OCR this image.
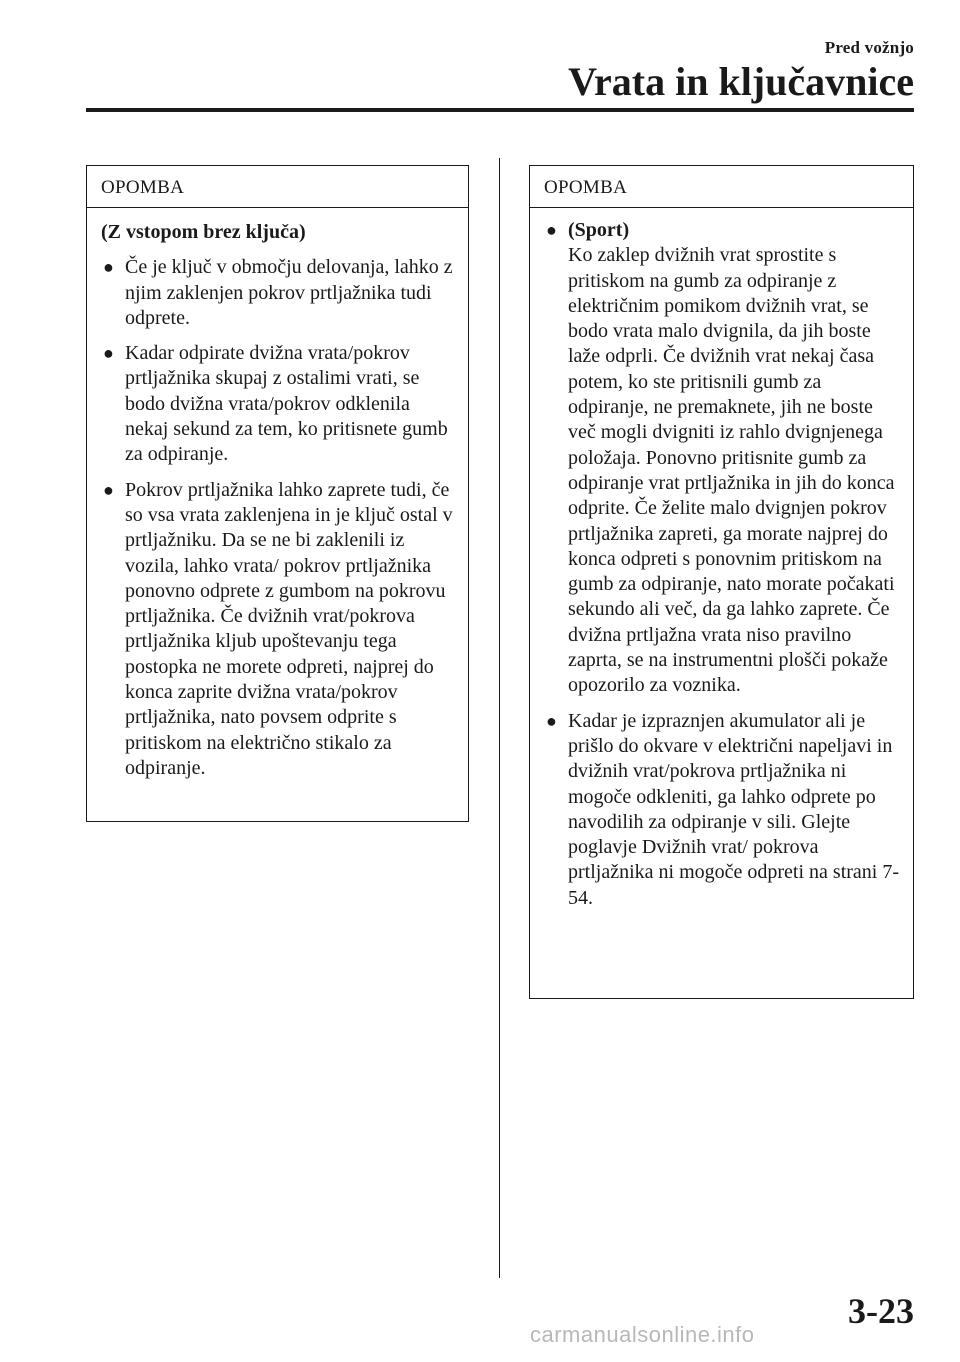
Pred vožnjo
Vrata in ključavnice
OPOMBA
(Z vstopom brez ključa)
● Če je ključ v območju delovanja, lahko z njim zaklenjen pokrov prtljažnika tudi odprete.
● Kadar odpirate dvižna vrata/pokrov prtljažnika skupaj z ostalimi vrati, se bodo dvižna vrata/pokrov odklenila nekaj sekund za tem, ko pritisnete gumb za odpiranje.
● Pokrov prtljažnika lahko zaprete tudi, če so vsa vrata zaklenjena in je ključ ostal v prtljažniku. Da se ne bi zaklenili iz vozila, lahko vrata/ pokrov prtljažnika ponovno odprete z gumbom na pokrovu prtljažnika. Če dvižnih vrat/pokrova prtljažnika kljub upoštevanju tega postopka ne morete odpreti, najprej do konca zaprite dvižna vrata/pokrov prtljažnika, nato povsem odprite s pritiskom na električno stikalo za odpiranje.
OPOMBA
● (Sport)
Ko zaklep dvižnih vrat sprostite s pritiskom na gumb za odpiranje z električnim pomikom dvižnih vrat, se bodo vrata malo dvignila, da jih boste laže odprli. Če dvižnih vrat nekaj časa potem, ko ste pritisnili gumb za odpiranje, ne premaknete, jih ne boste več mogli dvigniti iz rahlo dvignjenega položaja. Ponovno pritisnite gumb za odpiranje vrat prtljažnika in jih do konca odprite. Če želite malo dvignjen pokrov prtljažnika zapreti, ga morate najprej do konca odpreti s ponovnim pritiskom na gumb za odpiranje, nato morate počakati sekundo ali več, da ga lahko zaprete. Če dvižna prtljažna vrata niso pravilno zaprta, se na instrumentni plošči pokaže opozorilo za voznika.
● Kadar je izpraznjen akumulator ali je prišlo do okvare v električni napeljavi in dvižnih vrat/pokrova prtljažnika ni mogoče odkleniti, ga lahko odprete po navodilih za odpiranje v sili. Glejte poglavje Dvižnih vrat/ pokrova prtljažnika ni mogoče odpreti na strani 7-54.
3-23
carmanualsonline.info
